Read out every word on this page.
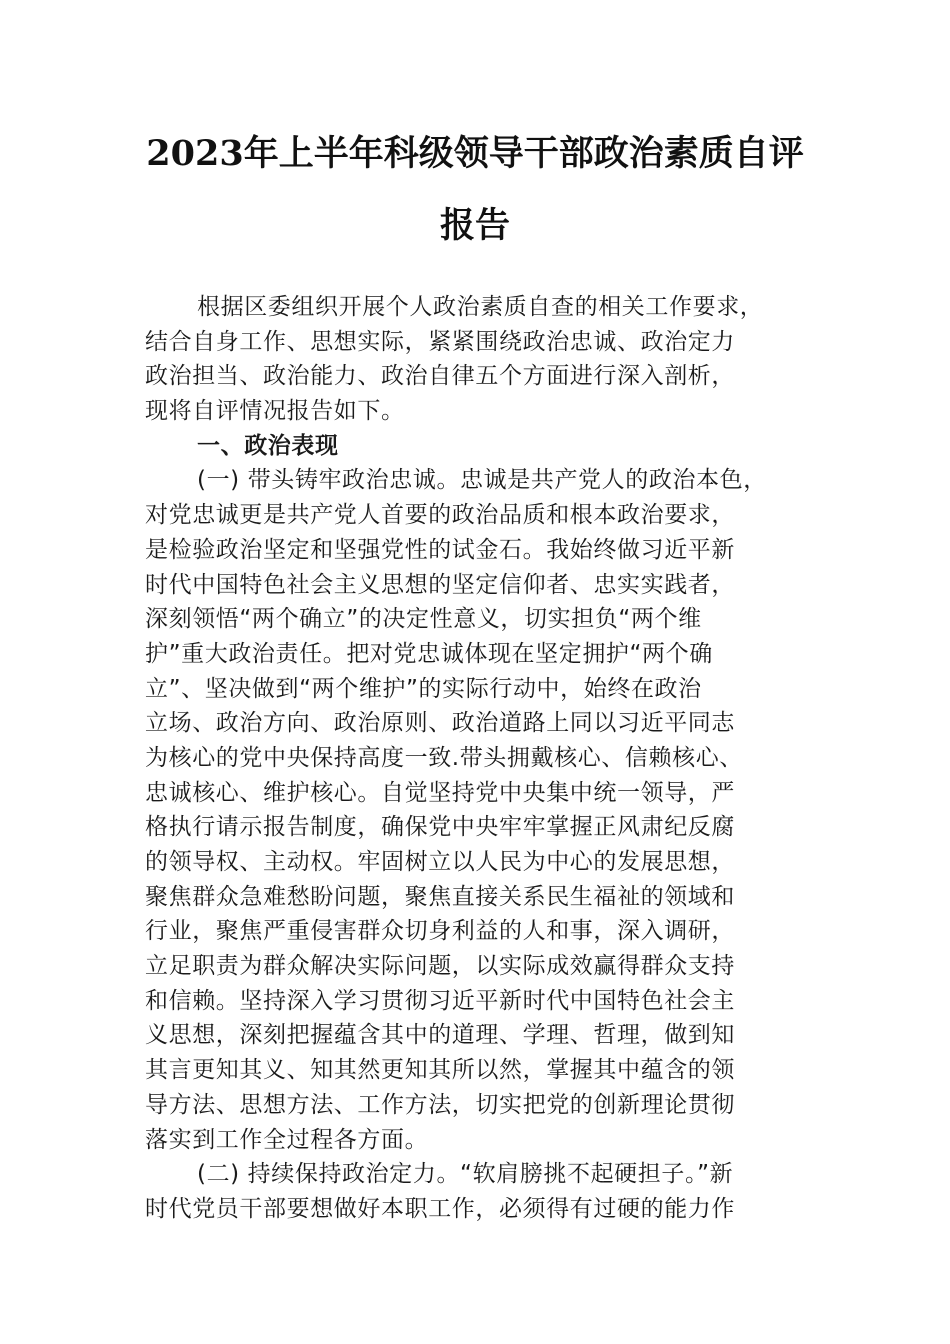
2023年上半年科级领导干部政治素质自评
报告
根据区委组织开展个人政治素质自查的相关工作要求，
结合自身工作、思想实际，紧紧围绕政治忠诚、政治定力
政治担当、政治能力、政治自律五个方面进行深入剖析，
现将自评情况报告如下。
一、政治表现
(一) 带头铸牢政治忠诚。忠诚是共产党人的政治本色，
对党忠诚更是共产党人首要的政治品质和根本政治要求，
是检验政治坚定和坚强党性的试金石。我始终做习近平新
时代中国特色社会主义思想的坚定信仰者、忠实实践者，
深刻领悟“两个确立”的决定性意义，切实担负“两个维
护”重大政治责任。把对党忠诚体现在坚定拥护“两个确
立”、坚决做到“两个维护”的实际行动中，始终在政治
立场、政治方向、政治原则、政治道路上同以习近平同志
为核心的党中央保持高度一致.带头拥戴核心、信赖核心、
忠诚核心、维护核心。自觉坚持党中央集中统一领导，严
格执行请示报告制度，确保党中央牢牢掌握正风肃纪反腐
的领导权、主动权。牢固树立以人民为中心的发展思想，
聚焦群众急难愁盼问题，聚焦直接关系民生福祉的领域和
行业，聚焦严重侵害群众切身利益的人和事，深入调研，
立足职责为群众解决实际问题，以实际成效赢得群众支持
和信赖。坚持深入学习贯彻习近平新时代中国特色社会主
义思想，深刻把握蕴含其中的道理、学理、哲理，做到知
其言更知其义、知其然更知其所以然，掌握其中蕴含的领
导方法、思想方法、工作方法，切实把党的创新理论贯彻
落实到工作全过程各方面。
(二) 持续保持政治定力。“软肩膀挑不起硬担子。”新
时代党员干部要想做好本职工作，必须得有过硬的能力作
